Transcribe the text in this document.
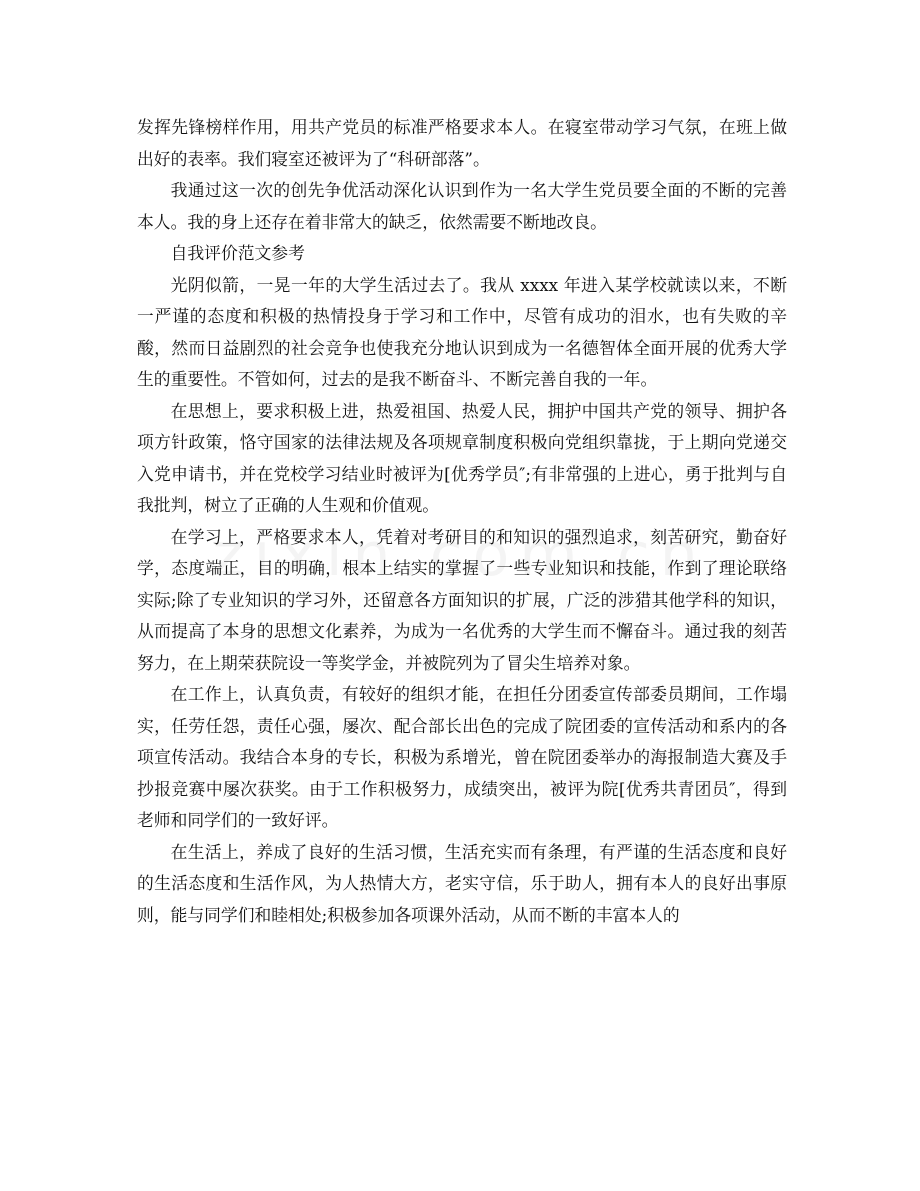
发挥先锋榜样作用，用共产党员的标准严格要求本人。在寝室带动学习气氛，在班上做出好的表率。我们寝室还被评为了“科研部落”。

我通过这一次的创先争优活动深化认识到作为一名大学生党员要全面的不断的完善本人。我的身上还存在着非常大的缺乏，依然需要不断地改良。

自我评价范文参考

光阴似箭，一晃一年的大学生活过去了。我从 xxxx 年进入某学校就读以来，不断一严谨的态度和积极的热情投身于学习和工作中，尽管有成功的泪水，也有失败的辛酸，然而日益剧烈的社会竞争也使我充分地认识到成为一名德智体全面开展的优秀大学生的重要性。不管如何，过去的是我不断奋斗、不断完善自我的一年。

在思想上，要求积极上进，热爱祖国、热爱人民，拥护中国共产党的领导、拥护各项方针政策，恪守国家的法律法规及各项规章制度积极向党组织靠拢，于上期向党递交入党申请书，并在党校学习结业时被评为[优秀学员″;有非常强的上进心，勇于批判与自我批判，树立了正确的人生观和价值观。

在学习上，严格要求本人，凭着对考研目的和知识的强烈追求，刻苦研究，勤奋好学，态度端正，目的明确，根本上结实的掌握了一些专业知识和技能，作到了理论联络实际;除了专业知识的学习外，还留意各方面知识的扩展，广泛的涉猎其他学科的知识，从而提高了本身的思想文化素养，为成为一名优秀的大学生而不懈奋斗。通过我的刻苦努力，在上期荣获院设一等奖学金，并被院列为了冒尖生培养对象。

在工作上，认真负责，有较好的组织才能，在担任分团委宣传部委员期间，工作塌实，任劳任怨，责任心强，屡次、配合部长出色的完成了院团委的宣传活动和系内的各项宣传活动。我结合本身的专长，积极为系增光，曾在院团委举办的海报制造大赛及手抄报竞赛中屡次获奖。由于工作积极努力，成绩突出，被评为院[优秀共青团员″，得到老师和同学们的一致好评。

在生活上，养成了良好的生活习惯，生活充实而有条理，有严谨的生活态度和良好的生活态度和生活作风，为人热情大方，老实守信，乐于助人，拥有本人的良好出事原则，能与同学们和睦相处;积极参加各项课外活动，从而不断的丰富本人的
